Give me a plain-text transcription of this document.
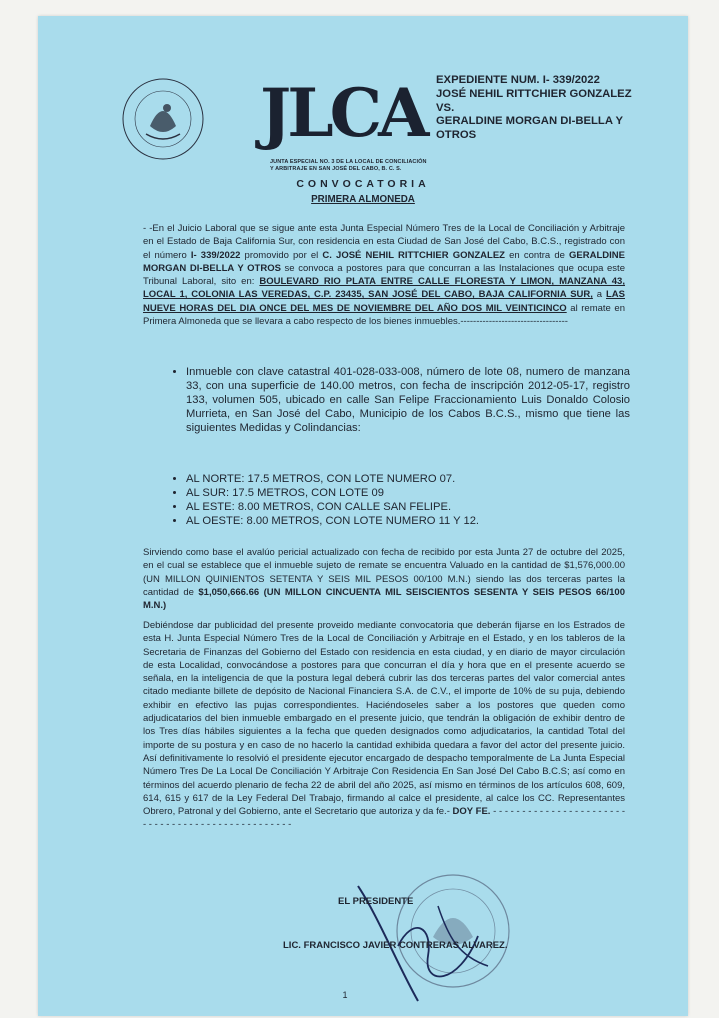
JLCA
JUNTA ESPECIAL NO. 3 DE LA LOCAL DE CONCILIACIÓN
Y ARBITRAJE EN SAN JOSÉ DEL CABO, B. C. S.
EXPEDIENTE NUM. I- 339/2022
JOSÉ NEHIL RITTCHIER GONZALEZ
VS.
GERALDINE MORGAN DI-BELLA Y
OTROS
CONVOCATORIA
PRIMERA ALMONEDA
- -En el Juicio Laboral que se sigue ante esta Junta Especial Número Tres de la Local de Conciliación y Arbitraje en el Estado de Baja California Sur, con residencia en esta Ciudad de San José del Cabo, B.C.S., registrado con el número I- 339/2022 promovido por el C. JOSÉ NEHIL RITTCHIER GONZALEZ en contra de GERALDINE MORGAN DI-BELLA Y OTROS se convoca a postores para que concurran a las Instalaciones que ocupa este Tribunal Laboral, sito en: BOULEVARD RIO PLATA ENTRE CALLE FLORESTA Y LIMON, MANZANA 43, LOCAL 1, COLONIA LAS VEREDAS, C.P. 23435, SAN JOSÉ DEL CABO, BAJA CALIFORNIA SUR, a LAS NUEVE HORAS DEL DIA ONCE DEL MES DE NOVIEMBRE DEL AÑO DOS MIL VEINTICINCO al remate en Primera Almoneda que se llevara a cabo respecto de los bienes inmuebles.----------------------------------
• Inmueble con clave catastral 401-028-033-008, número de lote 08, numero de manzana 33, con una superficie de 140.00 metros, con fecha de inscripción 2012-05-17, registro 133, volumen 505, ubicado en calle San Felipe Fraccionamiento Luis Donaldo Colosio Murrieta, en San José del Cabo, Municipio de los Cabos B.C.S., mismo que tiene las siguientes Medidas y Colindancias:
• AL NORTE: 17.5 METROS, CON LOTE NUMERO 07.
• AL SUR: 17.5 METROS, CON LOTE 09
• AL ESTE: 8.00 METROS, CON CALLE SAN FELIPE.
• AL OESTE: 8.00 METROS, CON LOTE NUMERO 11 Y 12.
Sirviendo como base el avalúo pericial actualizado con fecha de recibido por esta Junta 27 de octubre del 2025, en el cual se establece que el inmueble sujeto de remate se encuentra Valuado en la cantidad de $1,576,000.00 (UN MILLON QUINIENTOS SETENTA Y SEIS MIL PESOS 00/100 M.N.) siendo las dos terceras partes la cantidad de $1,050,666.66 (UN MILLON CINCUENTA MIL SEISCIENTOS SESENTA Y SEIS PESOS 66/100 M.N.)
Debiéndose dar publicidad del presente proveido mediante convocatoria que deberán fijarse en los Estrados de esta H. Junta Especial Número Tres de la Local de Conciliación y Arbitraje en el Estado, y en los tableros de la Secretaria de Finanzas del Gobierno del Estado con residencia en esta ciudad, y en diario de mayor circulación de esta Localidad, convocándose a postores para que concurran el día y hora que en el presente acuerdo se señala, en la inteligencia de que la postura legal deberá cubrir las dos terceras partes del valor comercial antes citado mediante billete de depósito de Nacional Financiera S.A. de C.V., el importe de 10% de su puja, debiendo exhibir en efectivo las pujas correspondientes. Haciéndoseles saber a los postores que queden como adjudicatarios del bien inmueble embargado en el presente juicio, que tendrán la obligación de exhibir dentro de los Tres días hábiles siguientes a la fecha que queden designados como adjudicatarios, la cantidad Total del importe de su postura y en caso de no hacerlo la cantidad exhibida quedara a favor del actor del presente juicio. Así definitivamente lo resolvió el presidente ejecutor encargado de despacho temporalmente de La Junta Especial Número Tres De La Local De Conciliación Y Arbitraje Con Residencia En San José Del Cabo B.C.S; así como en términos del acuerdo plenario de fecha 22 de abril del año 2025, así mismo en términos de los artículos 608, 609, 614, 615 y 617 de la Ley Federal Del Trabajo, firmando al calce el presidente, al calce los CC. Representantes Obrero, Patronal y del Gobierno, ante el Secretario que autoriza y da fe.- DOY FE. - - - - - - - - - - - - - - - - - - - - - - - - - - - - - - - - - - - - - - - - - - - - - - - - -
EL PRESIDENTE
LIC. FRANCISCO JAVIER CONTRERAS ALVAREZ.
1
